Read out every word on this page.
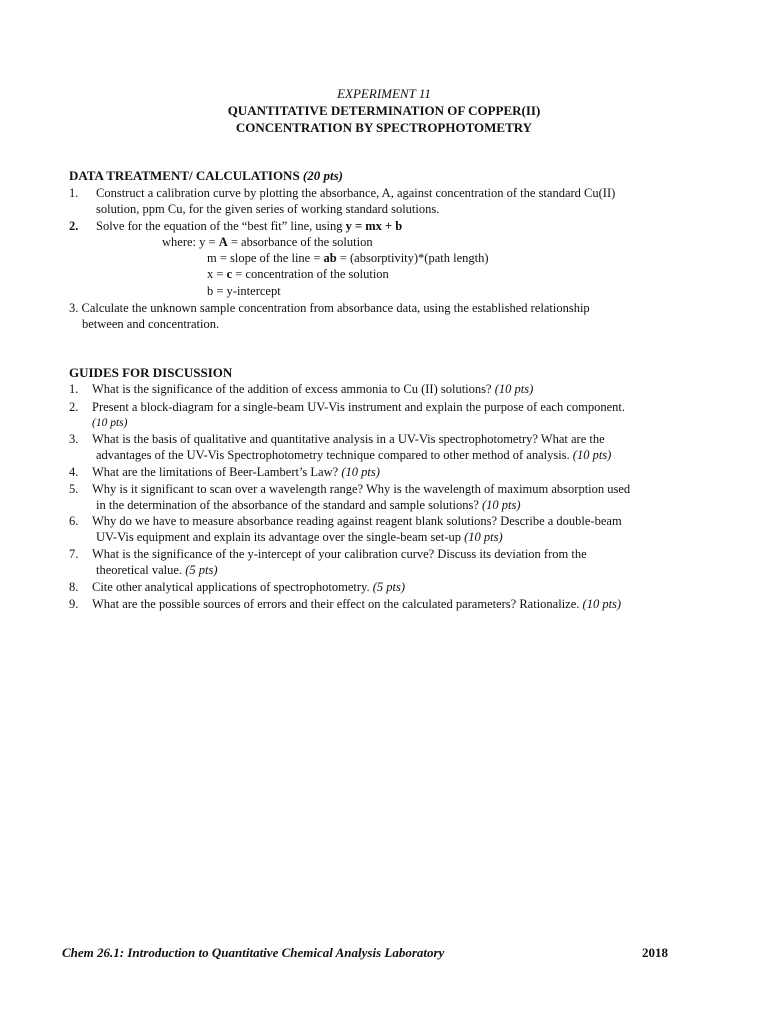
EXPERIMENT 11
QUANTITATIVE DETERMINATION OF COPPER(II)
CONCENTRATION BY SPECTROPHOTOMETRY
DATA TREATMENT/ CALCULATIONS (20 pts)
1. Construct a calibration curve by plotting the absorbance, A, against concentration of the standard Cu(II)
solution, ppm Cu, for the given series of working standard solutions.
2. Solve for the equation of the “best fit” line, using y = mx + b
where: y = A = absorbance of the solution
m = slope of the line = ab = (absorptivity)*(path length)
x = c = concentration of the solution
b = y-intercept
3. Calculate the unknown sample concentration from absorbance data, using the established relationship
between and concentration.
GUIDES FOR DISCUSSION
1. What is the significance of the addition of excess ammonia to Cu (II) solutions? (10 pts)
2. Present a block-diagram for a single-beam UV-Vis instrument and explain the purpose of each component.
(10 pts)
3. What is the basis of qualitative and quantitative analysis in a UV-Vis spectrophotometry? What are the
advantages of the UV-Vis Spectrophotometry technique compared to other method of analysis. (10 pts)
4. What are the limitations of Beer-Lambert’s Law? (10 pts)
5. Why is it significant to scan over a wavelength range? Why is the wavelength of maximum absorption used
in the determination of the absorbance of the standard and sample solutions? (10 pts)
6. Why do we have to measure absorbance reading against reagent blank solutions? Describe a double-beam
UV-Vis equipment and explain its advantage over the single-beam set-up (10 pts)
7. What is the significance of the y-intercept of your calibration curve? Discuss its deviation from the
theoretical value. (5 pts)
8. Cite other analytical applications of spectrophotometry. (5 pts)
9. What are the possible sources of errors and their effect on the calculated parameters? Rationalize. (10 pts)
Chem 26.1: Introduction to Quantitative Chemical Analysis Laboratory	2018
